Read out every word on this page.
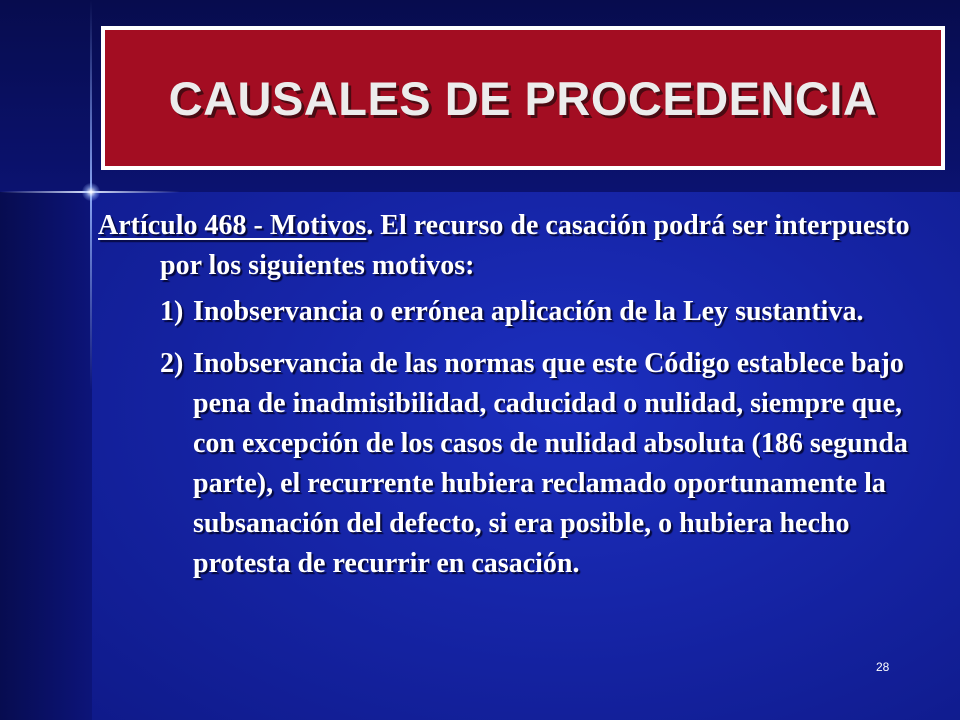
CAUSALES DE PROCEDENCIA

Artículo 468 - Motivos. El recurso de casación podrá ser interpuesto por los siguientes motivos:

1) Inobservancia o errónea aplicación de la Ley sustantiva.
2) Inobservancia de las normas que este Código establece bajo pena de inadmisibilidad, caducidad o nulidad, siempre que, con excepción de los casos de nulidad absoluta (186 segunda parte), el recurrente hubiera reclamado oportunamente la subsanación del defecto, si era posible, o hubiera hecho protesta de recurrir en casación.
28
